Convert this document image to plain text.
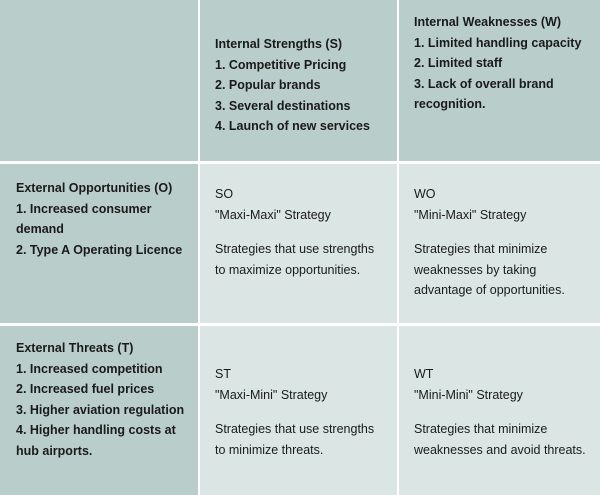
Internal Strengths (S)
1. Competitive Pricing
2. Popular brands
3. Several destinations
4. Launch of new services
Internal Weaknesses (W)
1. Limited handling capacity
2. Limited staff
3. Lack of overall brand recognition.
External Opportunities (O)
1. Increased consumer demand
2. Type A Operating Licence
SO
"Maxi-Maxi" Strategy
Strategies that use strengths to maximize opportunities.
WO
"Mini-Maxi" Strategy
Strategies that minimize weaknesses by taking advantage of opportunities.
External Threats (T)
1. Increased competition
2. Increased fuel prices
3. Higher aviation regulation
4. Higher handling costs at hub airports.
ST
"Maxi-Mini" Strategy
Strategies that use strengths to minimize threats.
WT
"Mini-Mini" Strategy
Strategies that minimize weaknesses and avoid threats.
